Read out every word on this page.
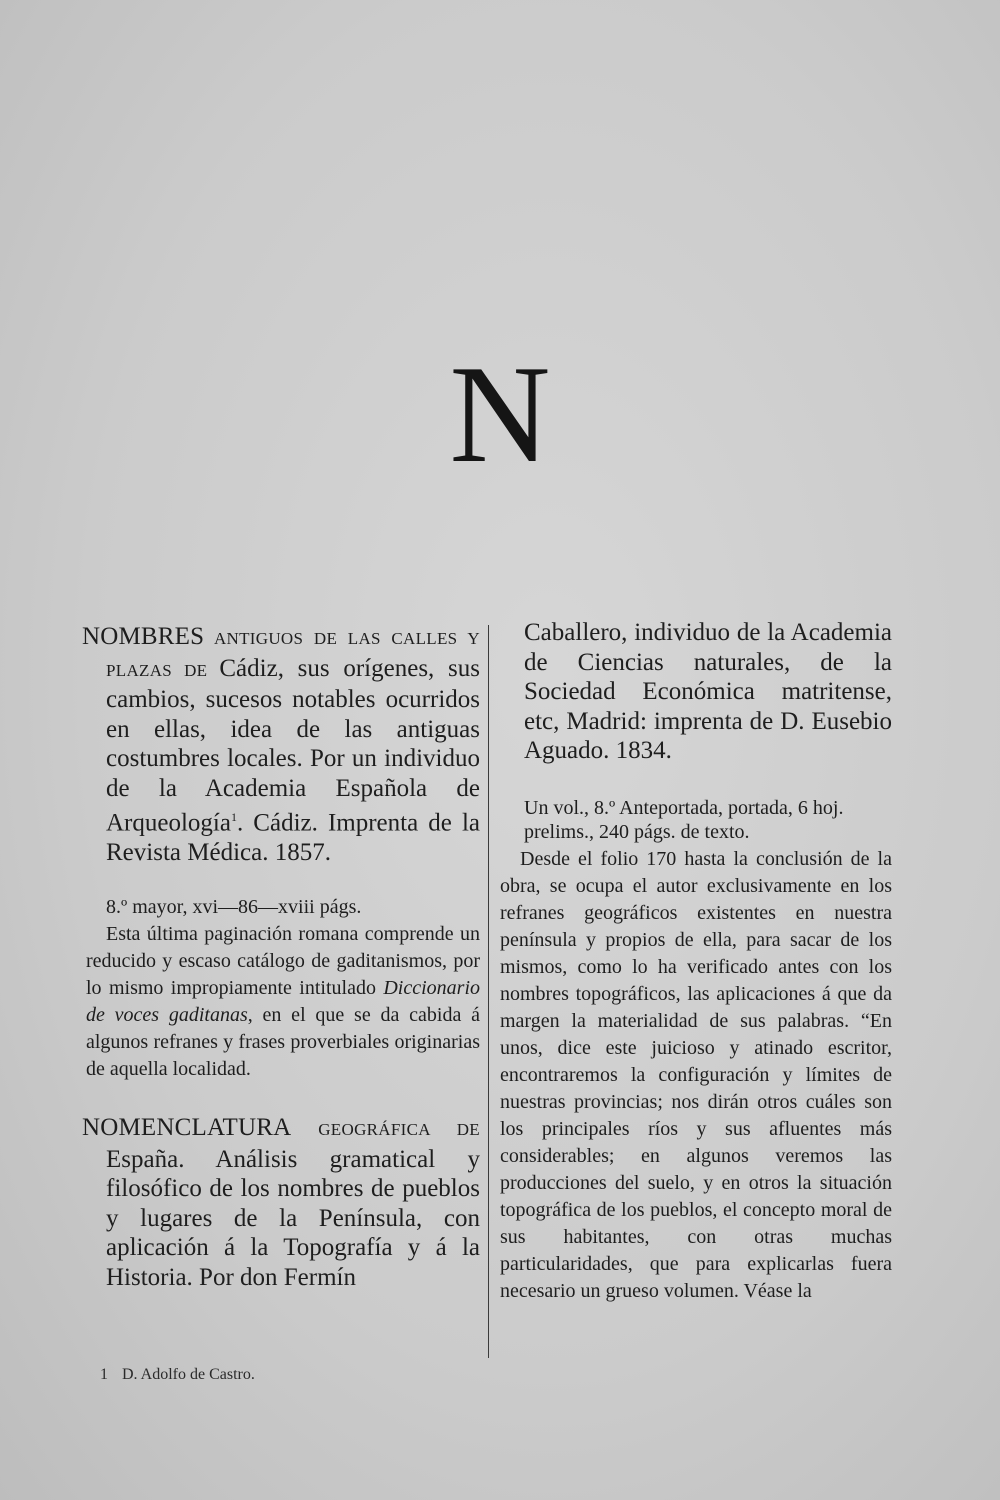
N

NOMBRES ANTIGUOS DE LAS CALLES Y PLAZAS DE Cádiz, sus orígenes, sus cambios, sucesos notables ocurridos en ellas, idea de las antiguas costumbres locales. Por un individuo de la Academia Española de Arqueología$^1$. Cádiz. Imprenta de la Revista Médica. 1857.

8.º mayor, xvi—86—xviii págs.

Esta última paginación romana comprende un reducido y escaso catálogo de gaditanismos, por lo mismo impropiamente intitulado Diccionario de voces gaditanas, en el que se da cabida á algunos refranes y frases proverbiales originarias de aquella localidad.

NOMENCLATURA GEOGRÁFICA DE España. Análisis gramatical y filosófico de los nombres de pueblos y lugares de la Península, con aplicación á la Topografía y á la Historia. Por don Fermín

Caballero, individuo de la Academia de Ciencias naturales, de la Sociedad Económica matritense, etc, Madrid: imprenta de D. Eusebio Aguado. 1834.

Un vol., 8.º Anteportada, portada, 6 hoj. prelims., 240 págs. de texto.

Desde el folio 170 hasta la conclusión de la obra, se ocupa el autor exclusivamente en los refranes geográficos existentes en nuestra península y propios de ella, para sacar de los mismos, como lo ha verificado antes con los nombres topográficos, las aplicaciones á que da margen la materialidad de sus palabras. “En unos, dice este juicioso y atinado escritor, encontraremos la configuración y límites de nuestras provincias; nos dirán otros cuáles son los principales ríos y sus afluentes más considerables; en algunos veremos las producciones del suelo, y en otros la situación topográfica de los pueblos, el concepto moral de sus habitantes, con otras muchas particularidades, que para explicarlas fuera necesario un grueso volumen. Véase la

1 D. Adolfo de Castro.
